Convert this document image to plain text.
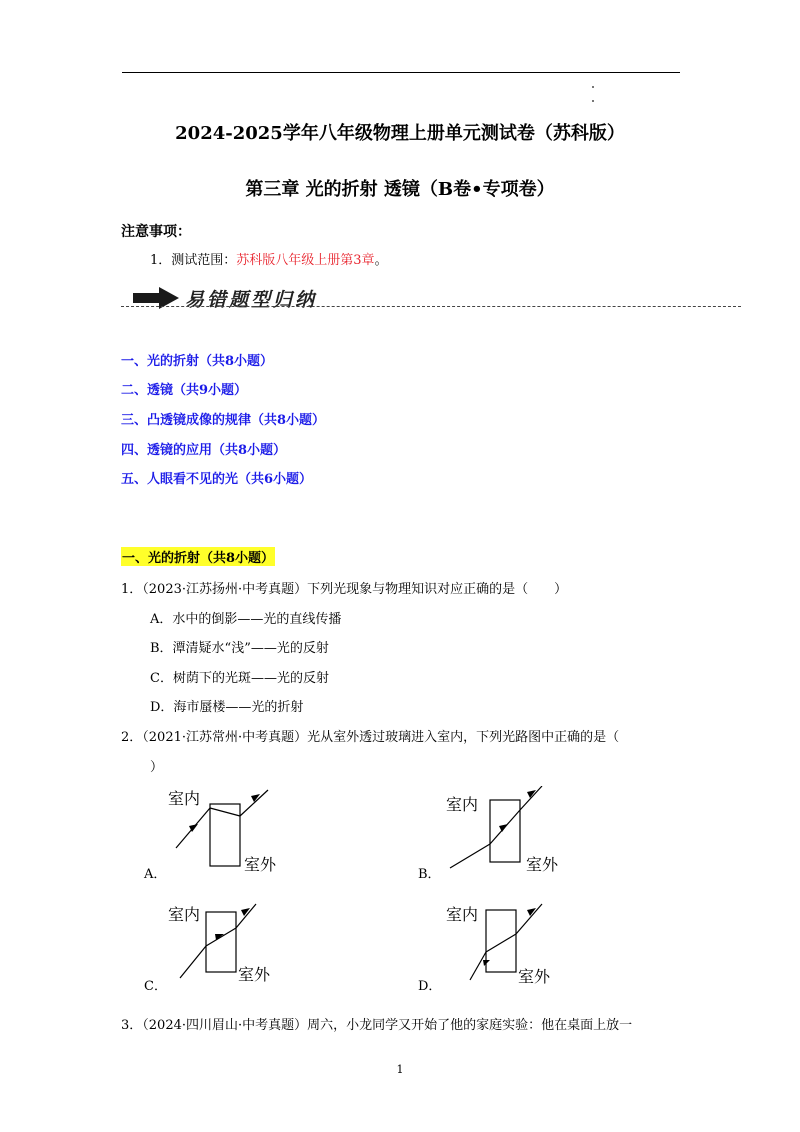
2024-2025学年八年级物理上册单元测试卷（苏科版）
第三章 光的折射 透镜（B卷•专项卷）
注意事项：
1．测试范围：苏科版八年级上册第3章。
易错题型归纳
一、光的折射（共8小题）
二、透镜（共9小题）
三、凸透镜成像的规律（共8小题）
四、透镜的应用（共8小题）
五、人眼看不见的光（共6小题）
一、光的折射（共8小题）
1．（2023·江苏扬州·中考真题）下列光现象与物理知识对应正确的是（　　）
A．水中的倒影——光的直线传播
B．潭清疑水“浅”——光的反射
C．树荫下的光斑——光的反射
D．海市蜃楼——光的折射
2．（2021·江苏常州·中考真题）光从室外透过玻璃进入室内，下列光路图中正确的是（
）
室内
室外
A．
室内
室外
B．
室内
室外
C．
室内
室外
D．
3．（2024·四川眉山·中考真题）周六，小龙同学又开始了他的家庭实验：他在桌面上放一
1
